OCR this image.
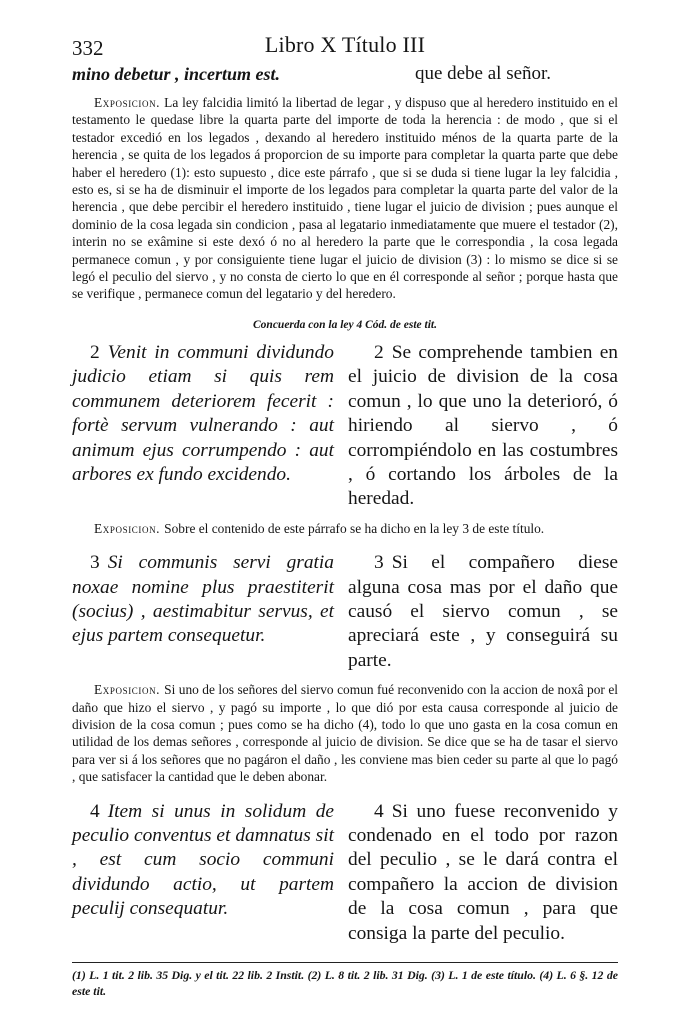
332	Libro X Título III
mino debetur , incertum est.	que debe al señor.

Exposicion. La ley falcidia limitó la libertad de legar , y dispuso que al heredero instituido en el testamento le quedase libre la quarta parte del importe de toda la herencia : de modo , que si el testador excedió en los legados , dexando al heredero instituido ménos de la quarta parte de la herencia , se quita de los legados á proporcion de su importe para completar la quarta parte que debe haber el heredero (1): esto supuesto , dice este párrafo , que si se duda si tiene lugar la ley falcidia , esto es, si se ha de disminuir el importe de los legados para completar la quarta parte del valor de la herencia , que debe percibir el heredero instituido , tiene lugar el juicio de division ; pues aunque el dominio de la cosa legada sin condicion , pasa al legatario inmediatamente que muere el testador (2), interin no se exâmine si este dexó ó no al heredero la parte que le correspondia , la cosa legada permanece comun , y por consiguiente tiene lugar el juicio de division (3) : lo mismo se dice si se legó el peculio del siervo , y no consta de cierto lo que en él corresponde al señor ; porque hasta que se verifique , permanece comun del legatario y del heredero.

Concuerda con la ley 4 Cód. de este tit.
2 Venit in communi dividundo judicio etiam si quis rem communem deteriorem fecerit : fortè servum vulnerando : aut animum ejus corrumpendo : aut arbores ex fundo excidendo.
2 Se comprehende tambien en el juicio de division de la cosa comun , lo que uno la deterioró, ó hiriendo al siervo , ó corrompiéndolo en las costumbres , ó cortando los árboles de la heredad.

Exposicion. Sobre el contenido de este párrafo se ha dicho en la ley 3 de este título.

3 Si communis servi gratia noxae nomine plus praestiterit (socius) , aestimabitur servus, et ejus partem consequetur.
3 Si el compañero diese alguna cosa mas por el daño que causó el siervo comun , se apreciará este , y conseguirá su parte.

Exposicion. Si uno de los señores del siervo comun fué reconvenido con la accion de noxâ por el daño que hizo el siervo , y pagó su importe , lo que dió por esta causa corresponde al juicio de division de la cosa comun ; pues como se ha dicho (4), todo lo que uno gasta en la cosa comun en utilidad de los demas señores , corresponde al juicio de division. Se dice que se ha de tasar el siervo para ver si á los señores que no pagáron el daño , les conviene mas bien ceder su parte al que lo pagó , que satisfacer la cantidad que le deben abonar.

4 Item si unus in solidum de peculio conventus et damnatus sit , est cum socio communi dividundo actio, ut partem peculij consequatur.
4 Si uno fuese reconvenido y condenado en el todo por razon del peculio , se le dará contra el compañero la accion de division de la cosa comun , para que consiga la parte del peculio.
(1) L. 1 tit. 2 lib. 35 Dig. y el tit. 22 lib. 2 Instit. (2) L. 8 tit. 2 lib. 31 Dig. (3) L. 1 de este título. (4) L. 6 §. 12 de este tit.
